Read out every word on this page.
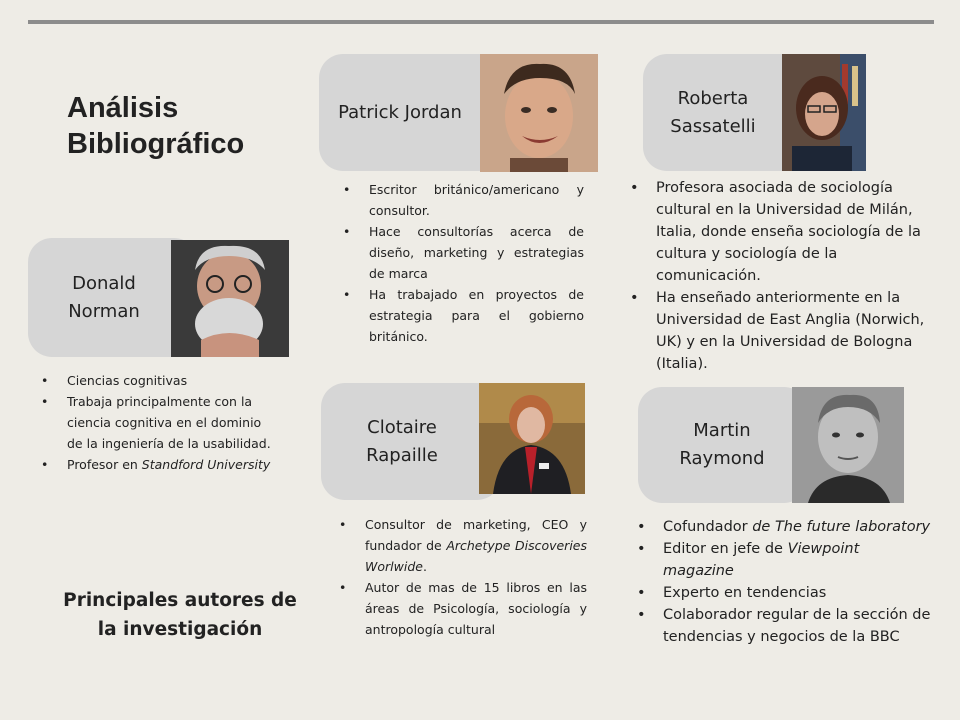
Análisis
Bibliográfico
Patrick Jordan
• Escritor británico/americano y consultor.
• Hace consultorías acerca de diseño, marketing y estrategias de marca
• Ha trabajado en proyectos de estrategia para el gobierno británico.
Roberta
Sassatelli
• Profesora asociada de sociología cultural en la Universidad de Milán, Italia, donde enseña sociología de la cultura y sociología de la comunicación.
• Ha enseñado anteriormente en la Universidad de East Anglia (Norwich, UK) y en la Universidad de Bologna (Italia).
Donald
Norman
• Ciencias cognitivas
• Trabaja principalmente con la ciencia cognitiva en el dominio de la ingeniería de la usabilidad.
• Profesor en Standford University
Clotaire
Rapaille
• Consultor de marketing, CEO y fundador de Archetype Discoveries Worlwide.
• Autor de mas de 15 libros en las áreas de Psicología, sociología y antropología cultural
Martin
Raymond
• Cofundador de The future laboratory
• Editor en jefe de Viewpoint magazine
• Experto en tendencias
• Colaborador regular de la sección de tendencias y negocios de la BBC
Principales autores de
la investigación
